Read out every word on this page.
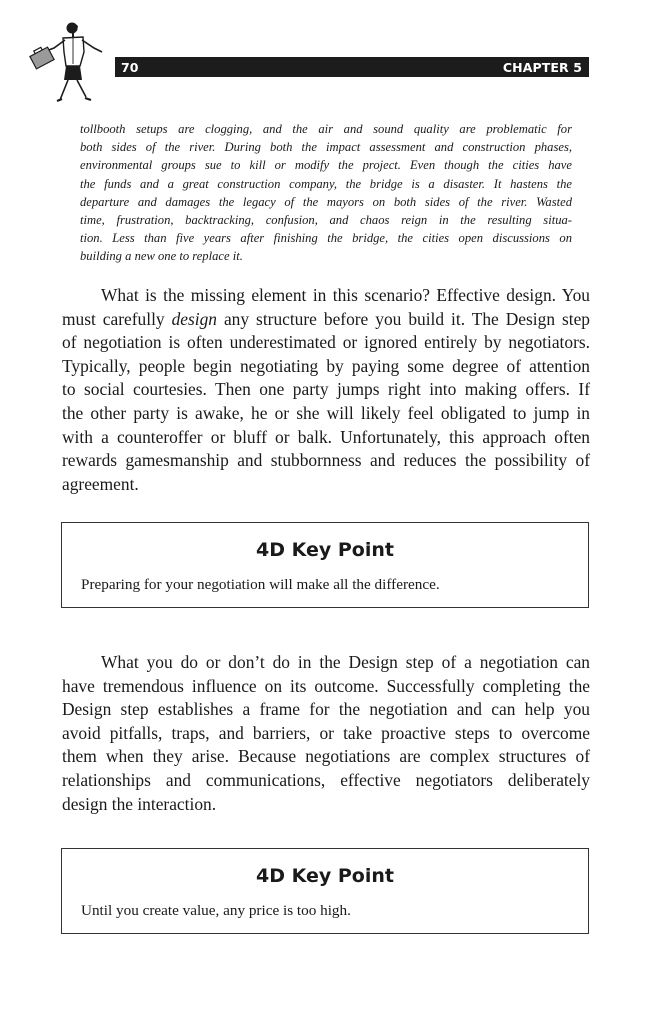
70	CHAPTER 5
tollbooth setups are clogging, and the air and sound quality are problematic for
both sides of the river. During both the impact assessment and construction phases,
environmental groups sue to kill or modify the project. Even though the cities have
the funds and a great construction company, the bridge is a disaster. It hastens the
departure and damages the legacy of the mayors on both sides of the river. Wasted
time, frustration, backtracking, confusion, and chaos reign in the resulting situa-
tion. Less than five years after finishing the bridge, the cities open discussions on
building a new one to replace it.
What is the missing element in this scenario? Effective design. You
must carefully design any structure before you build it. The Design step
of negotiation is often underestimated or ignored entirely by negotiators.
Typically, people begin negotiating by paying some degree of attention
to social courtesies. Then one party jumps right into making offers. If
the other party is awake, he or she will likely feel obligated to jump in
with a counteroffer or bluff or balk. Unfortunately, this approach often
rewards gamesmanship and stubbornness and reduces the possibility of
agreement.
4D Key Point
Preparing for your negotiation will make all the difference.
What you do or don’t do in the Design step of a negotiation can
have tremendous influence on its outcome. Successfully completing the
Design step establishes a frame for the negotiation and can help you
avoid pitfalls, traps, and barriers, or take proactive steps to overcome
them when they arise. Because negotiations are complex structures of
relationships and communications, effective negotiators deliberately
design the interaction.
4D Key Point
Until you create value, any price is too high.
